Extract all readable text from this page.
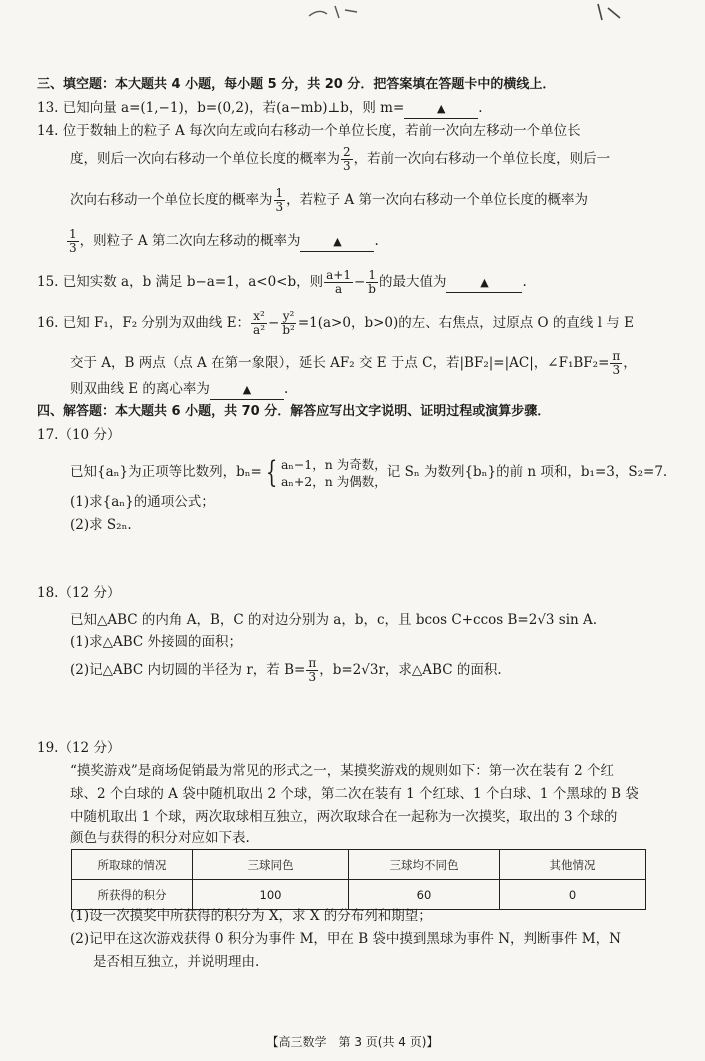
三、填空题：本大题共 4 小题，每小题 5 分，共 20 分．把答案填在答题卡中的横线上．
13. 已知向量 a=(1,−1)，b=(0,2)，若(a−mb)⊥b，则 m=	▲ .
14. 位于数轴上的粒子 A 每次向左或向右移动一个单位长度，若前一次向左移动一个单位长
度，则后一次向右移动一个单位长度的概率为 $\frac{2}{3}$ ，若前一次向右移动一个单位长度，则后一
次向右移动一个单位长度的概率为 $\frac{1}{3}$ ，若粒子 A 第一次向右移动一个单位长度的概率为
$\frac{1}{3}$ ，则粒子 A 第二次向左移动的概率为	▲ .
15. 已知实数 a，b 满足 b−a=1，a<0<b，则 $\frac{a+1}{a} - \frac{1}{b}$ 的最大值为	▲	.
16. 已知 F₁，F₂ 分别为双曲线 E： $\frac{\text{x²}}{\text{a²}} - \frac{\text{y²}}{\text{b²}} =1(a>0$，b>0)的左、右焦点，过原点 O 的直线 l 与 E
交于 A，B 两点（点 A 在第一象限），延长 AF₂ 交 E 于点 C，若|BF₂|=|AC|，∠F₁BF₂= $\frac{\pi}{3}$ ，
则双曲线 E 的离心率为	▲ .
四、解答题：本大题共 6 小题，共 70 分．解答应写出文字说明、证明过程或演算步骤．
17.（10 分）
已知{aₙ}为正项等比数列，bₙ= { aₙ−1，n 为奇数，
aₙ+2，n 为偶数，
记 Sₙ 为数列{bₙ}的前 n 项和，b₁=3，S₂=7.
(1)求{aₙ}的通项公式；
(2)求 S₂ₙ.
18.（12 分）
已知△ABC 的内角 A，B，C 的对边分别为 a，b，c，且 bcos C+ccos B=2√3 sin A.
(1)求△ABC 外接圆的面积；
(2)记△ABC 内切圆的半径为 r，若 $B= \frac{\pi}{3}$ ，b=2√3r，求△ABC 的面积.
19.（12 分）
“摸奖游戏”是商场促销最为常见的形式之一，某摸奖游戏的规则如下：第一次在装有 2 个红
球、2 个白球的 A 袋中随机取出 2 个球，第二次在装有 1 个红球、1 个白球、1 个黑球的 B 袋
中随机取出 1 个球，两次取球相互独立，两次取球合在一起称为一次摸奖，取出的 3 个球的
颜色与获得的积分对应如下表.
所取球的情况	三球同色	三球均不同色	其他情况
所获得的积分	100	60	0
(1)设一次摸奖中所获得的积分为 X，求 X 的分布列和期望；
(2)记甲在这次游戏获得 0 积分为事件 M，甲在 B 袋中摸到黑球为事件 N，判断事件 M，N
是否相互独立，并说明理由.
【高三数学　第 3 页(共 4 页)】
